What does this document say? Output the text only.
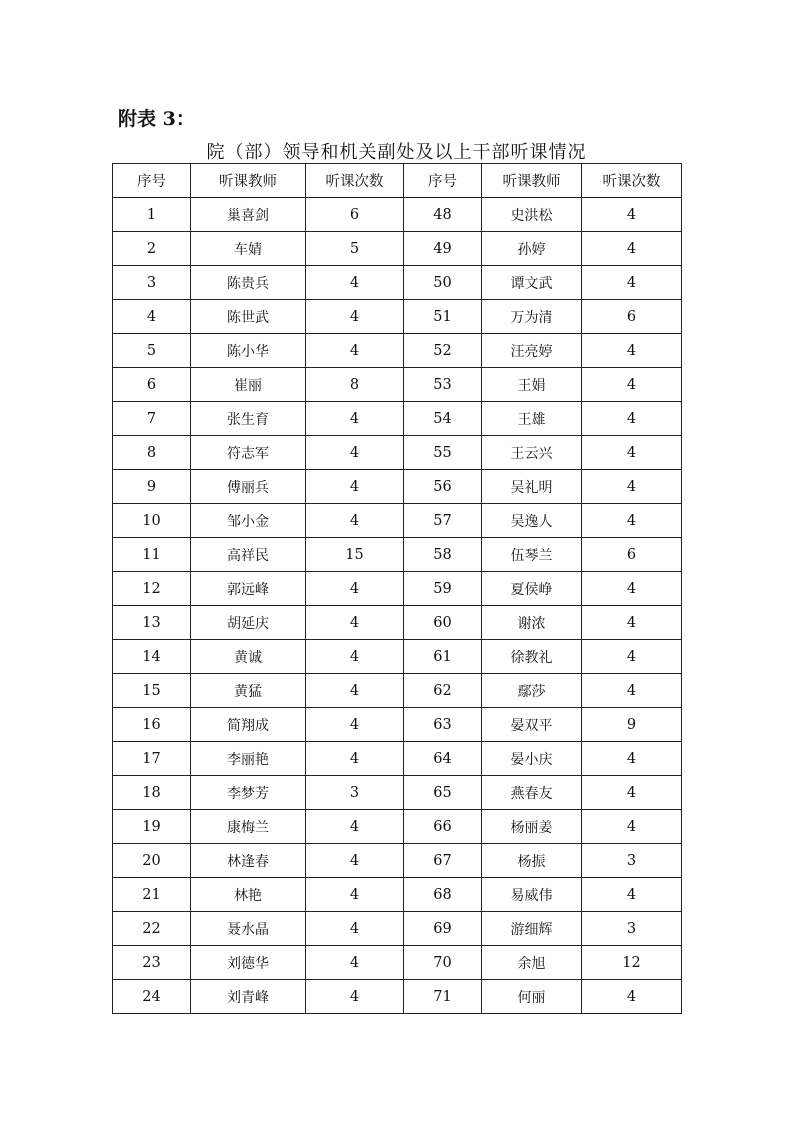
附表 3：
院（部）领导和机关副处及以上干部听课情况
序号	听课教师	听课次数	序号	听课教师	听课次数
1	巢喜剑	6	48	史洪松	4
2	车婧	5	49	孙婷	4
3	陈贵兵	4	50	谭文武	4
4	陈世武	4	51	万为清	6
5	陈小华	4	52	汪亮婷	4
6	崔丽	8	53	王娟	4
7	张生育	4	54	王雄	4
8	符志军	4	55	王云兴	4
9	傅丽兵	4	56	吴礼明	4
10	邹小金	4	57	吴逸人	4
11	高祥民	15	58	伍琴兰	6
12	郭远峰	4	59	夏侯峥	4
13	胡延庆	4	60	谢浓	4
14	黄诚	4	61	徐教礼	4
15	黄猛	4	62	鄢莎	4
16	简翔成	4	63	晏双平	9
17	李丽艳	4	64	晏小庆	4
18	李梦芳	3	65	燕春友	4
19	康梅兰	4	66	杨丽姜	4
20	林逢春	4	67	杨振	3
21	林艳	4	68	易威伟	4
22	聂水晶	4	69	游细辉	3
23	刘德华	4	70	余旭	12
24	刘青峰	4	71	何丽	4
